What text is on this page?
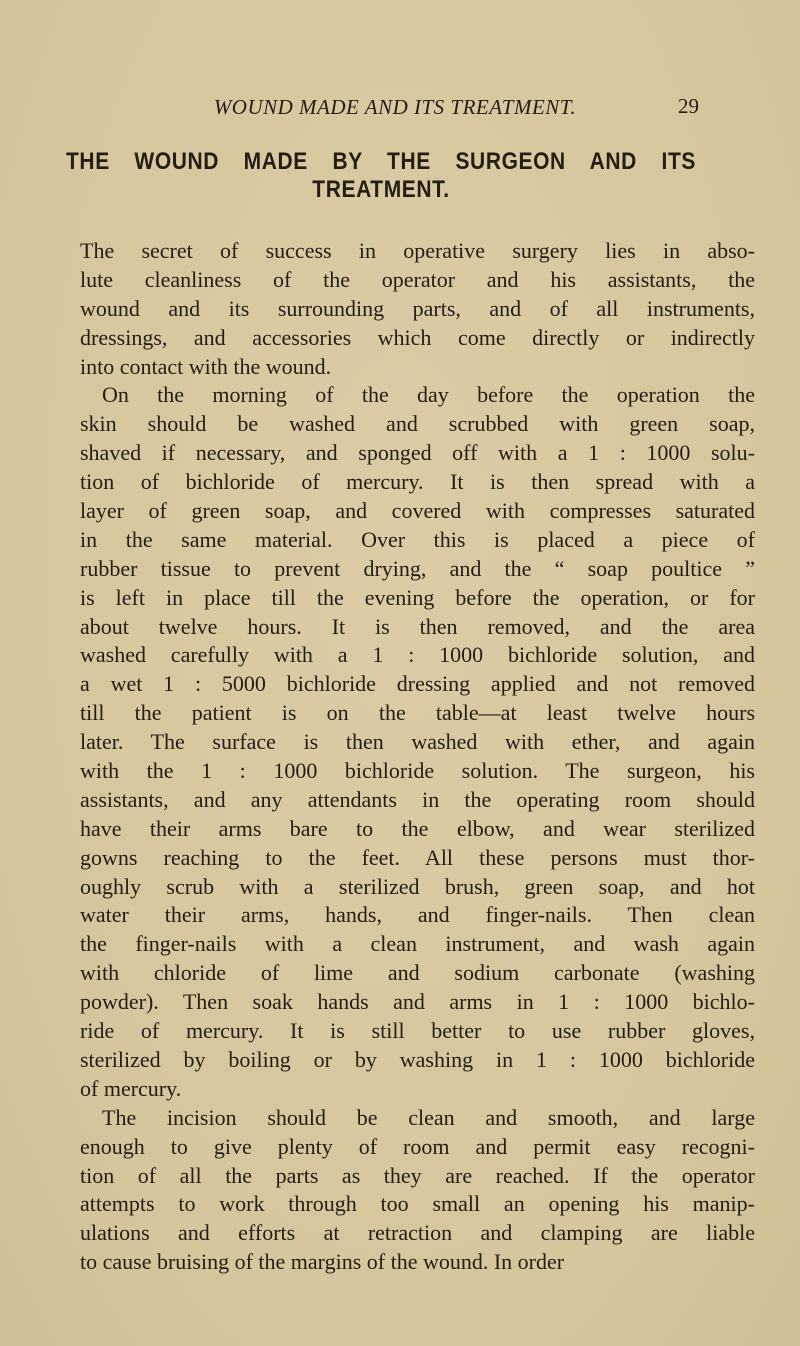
WOUND MADE AND ITS TREATMENT.	29
THE WOUND MADE BY THE SURGEON AND ITS
TREATMENT.
The secret of success in operative surgery lies in abso-
lute cleanliness of the operator and his assistants, the
wound and its surrounding parts, and of all instruments,
dressings, and accessories which come directly or indirectly
into contact with the wound.
On the morning of the day before the operation the
skin should be washed and scrubbed with green soap,
shaved if necessary, and sponged off with a 1 : 1000 solu-
tion of bichloride of mercury. It is then spread with a
layer of green soap, and covered with compresses saturated
in the same material. Over this is placed a piece of
rubber tissue to prevent drying, and the “ soap poultice ”
is left in place till the evening before the operation, or for
about twelve hours. It is then removed, and the area
washed carefully with a 1 : 1000 bichloride solution, and
a wet 1 : 5000 bichloride dressing applied and not removed
till the patient is on the table—at least twelve hours
later. The surface is then washed with ether, and again
with the 1 : 1000 bichloride solution. The surgeon, his
assistants, and any attendants in the operating room should
have their arms bare to the elbow, and wear sterilized
gowns reaching to the feet. All these persons must thor-
oughly scrub with a sterilized brush, green soap, and hot
water their arms, hands, and finger-nails. Then clean
the finger-nails with a clean instrument, and wash again
with chloride of lime and sodium carbonate (washing
powder). Then soak hands and arms in 1 : 1000 bichlo-
ride of mercury. It is still better to use rubber gloves,
sterilized by boiling or by washing in 1 : 1000 bichloride
of mercury.
The incision should be clean and smooth, and large
enough to give plenty of room and permit easy recogni-
tion of all the parts as they are reached. If the operator
attempts to work through too small an opening his manip-
ulations and efforts at retraction and clamping are liable
to cause bruising of the margins of the wound. In order
